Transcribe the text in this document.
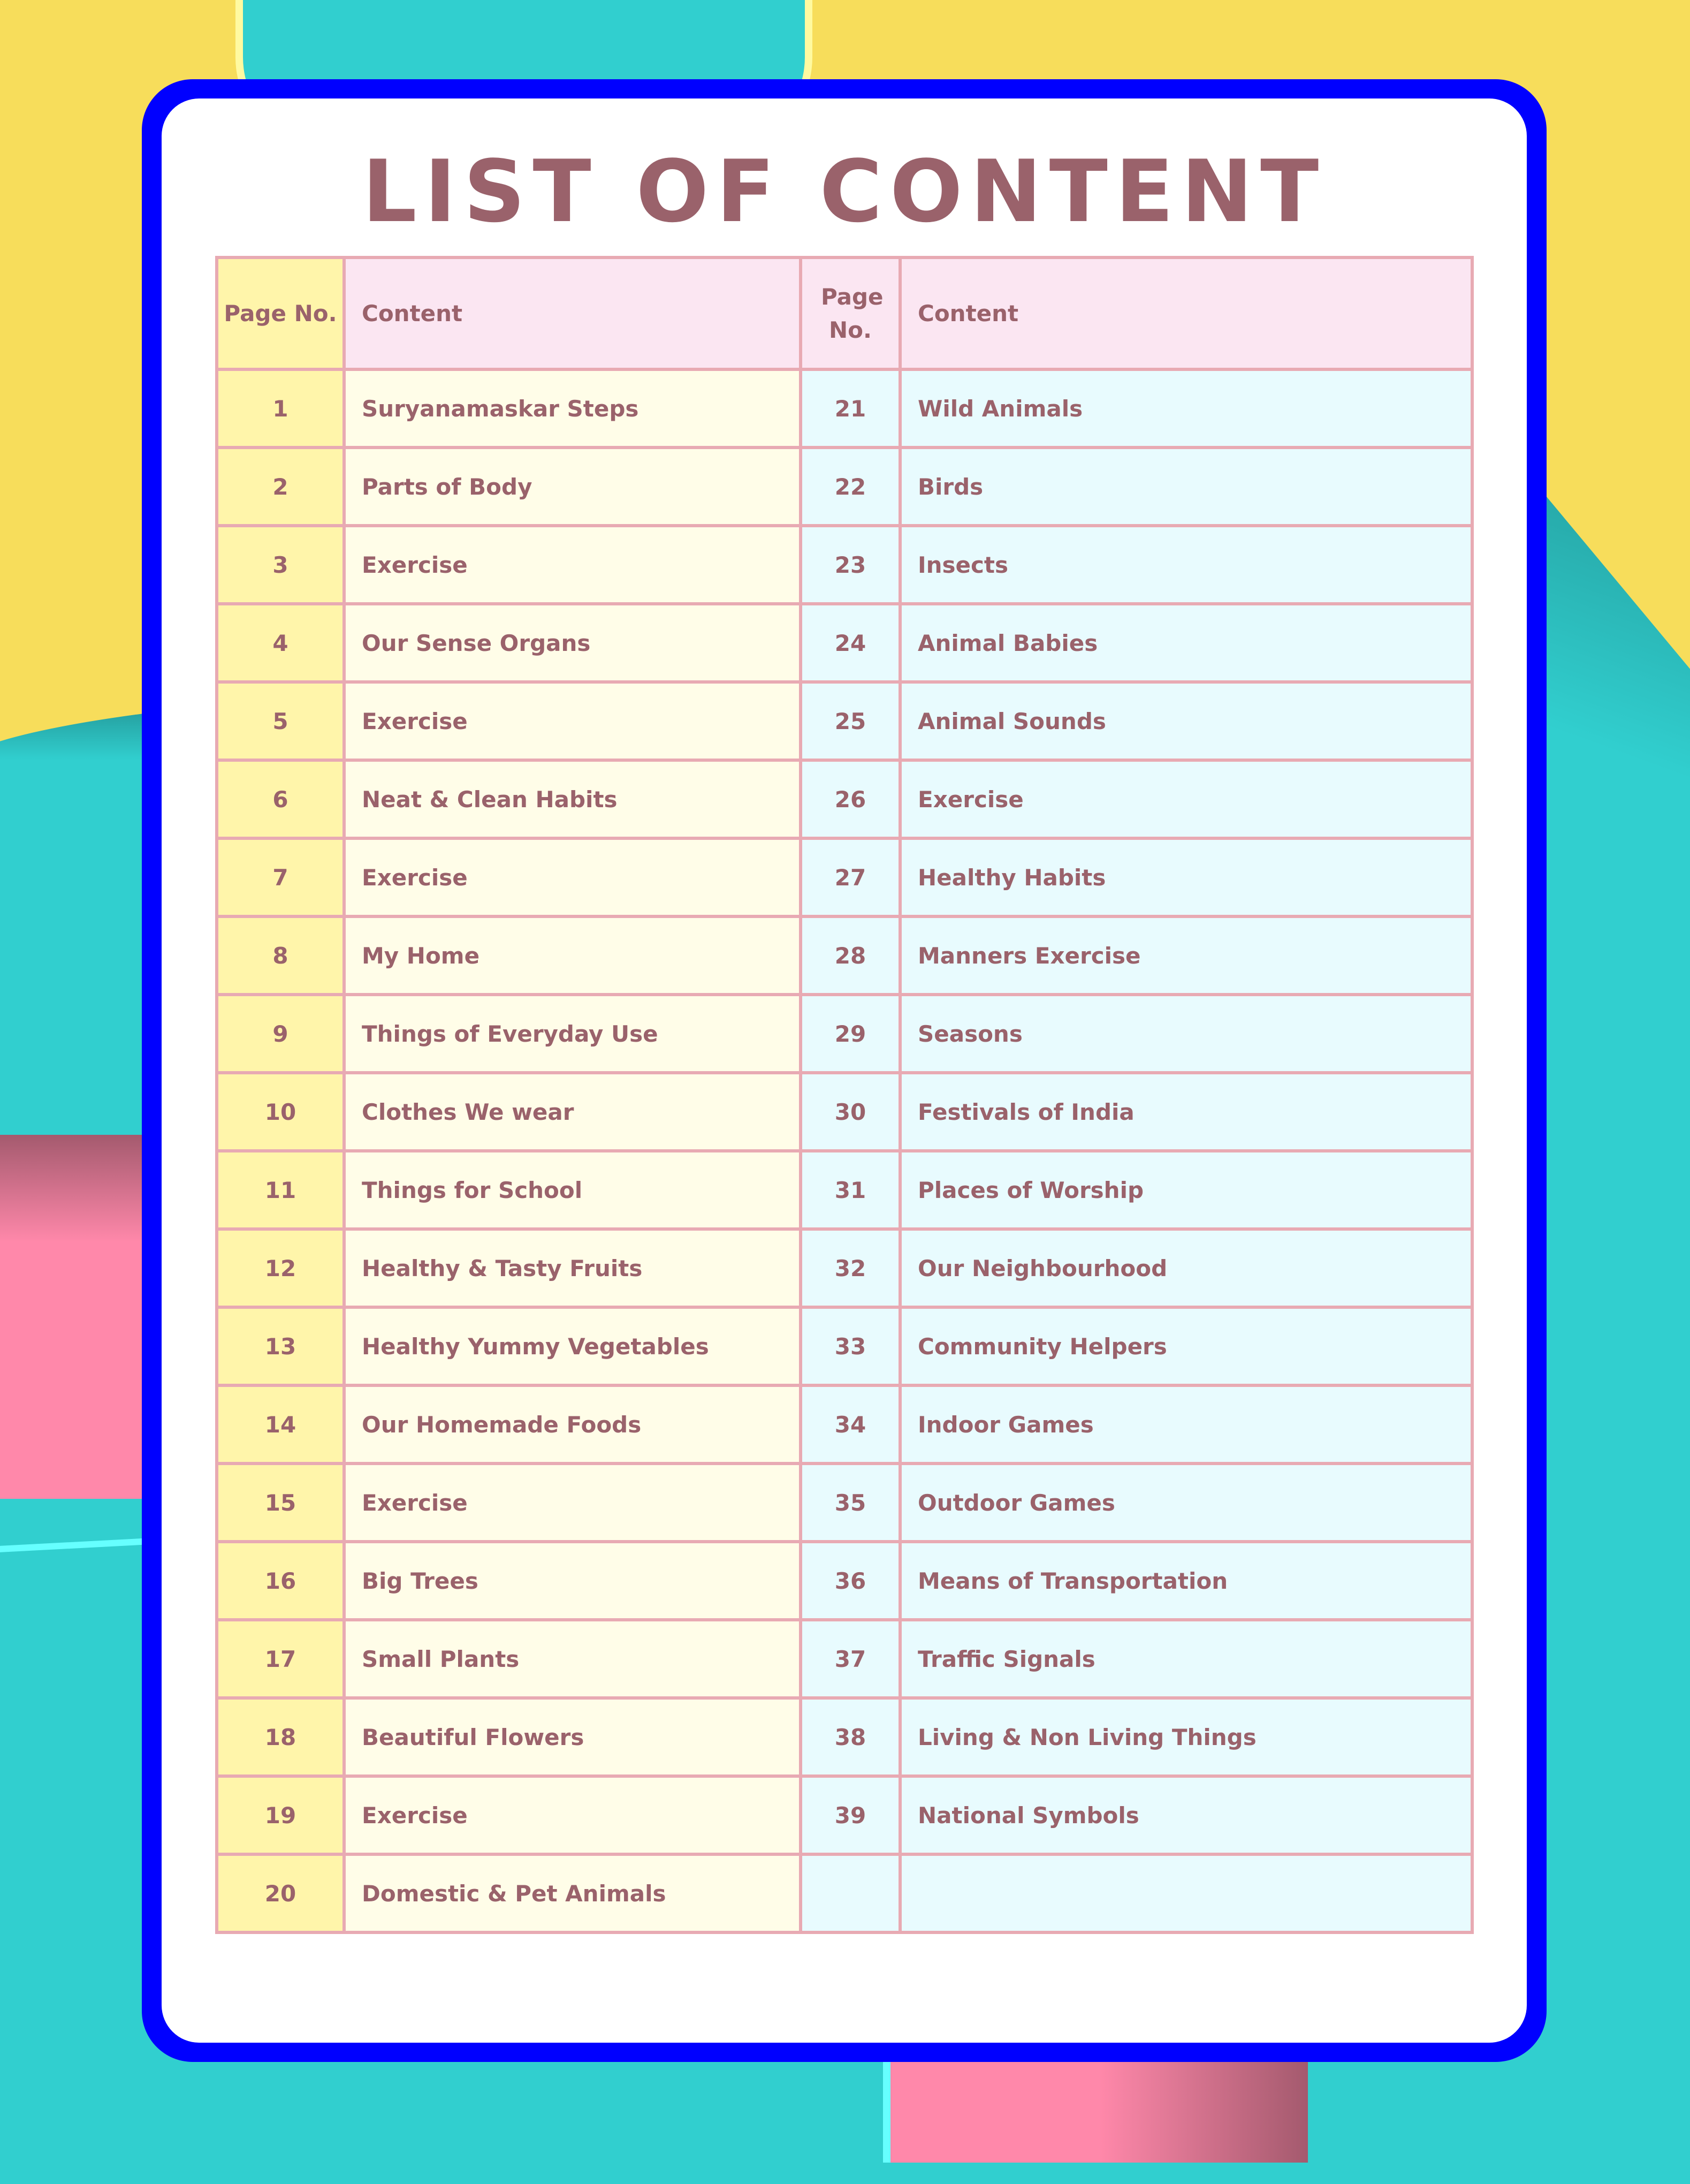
LIST OF CONTENT
Page No.	Content	Page No.	Content
1	Suryanamaskar Steps	21	Wild Animals
2	Parts of Body	22	Birds
3	Exercise	23	Insects
4	Our Sense Organs	24	Animal Babies
5	Exercise	25	Animal Sounds
6	Neat & Clean Habits	26	Exercise
7	Exercise	27	Healthy Habits
8	My Home	28	Manners Exercise
9	Things of Everyday Use	29	Seasons
10	Clothes We wear	30	Festivals of India
11	Things for School	31	Places of Worship
12	Healthy & Tasty Fruits	32	Our Neighbourhood
13	Healthy Yummy Vegetables	33	Community Helpers
14	Our Homemade Foods	34	Indoor Games
15	Exercise	35	Outdoor Games
16	Big Trees	36	Means of Transportation
17	Small Plants	37	Traffic Signals
18	Beautiful Flowers	38	Living & Non Living Things
19	Exercise	39	National Symbols
20	Domestic & Pet Animals		
